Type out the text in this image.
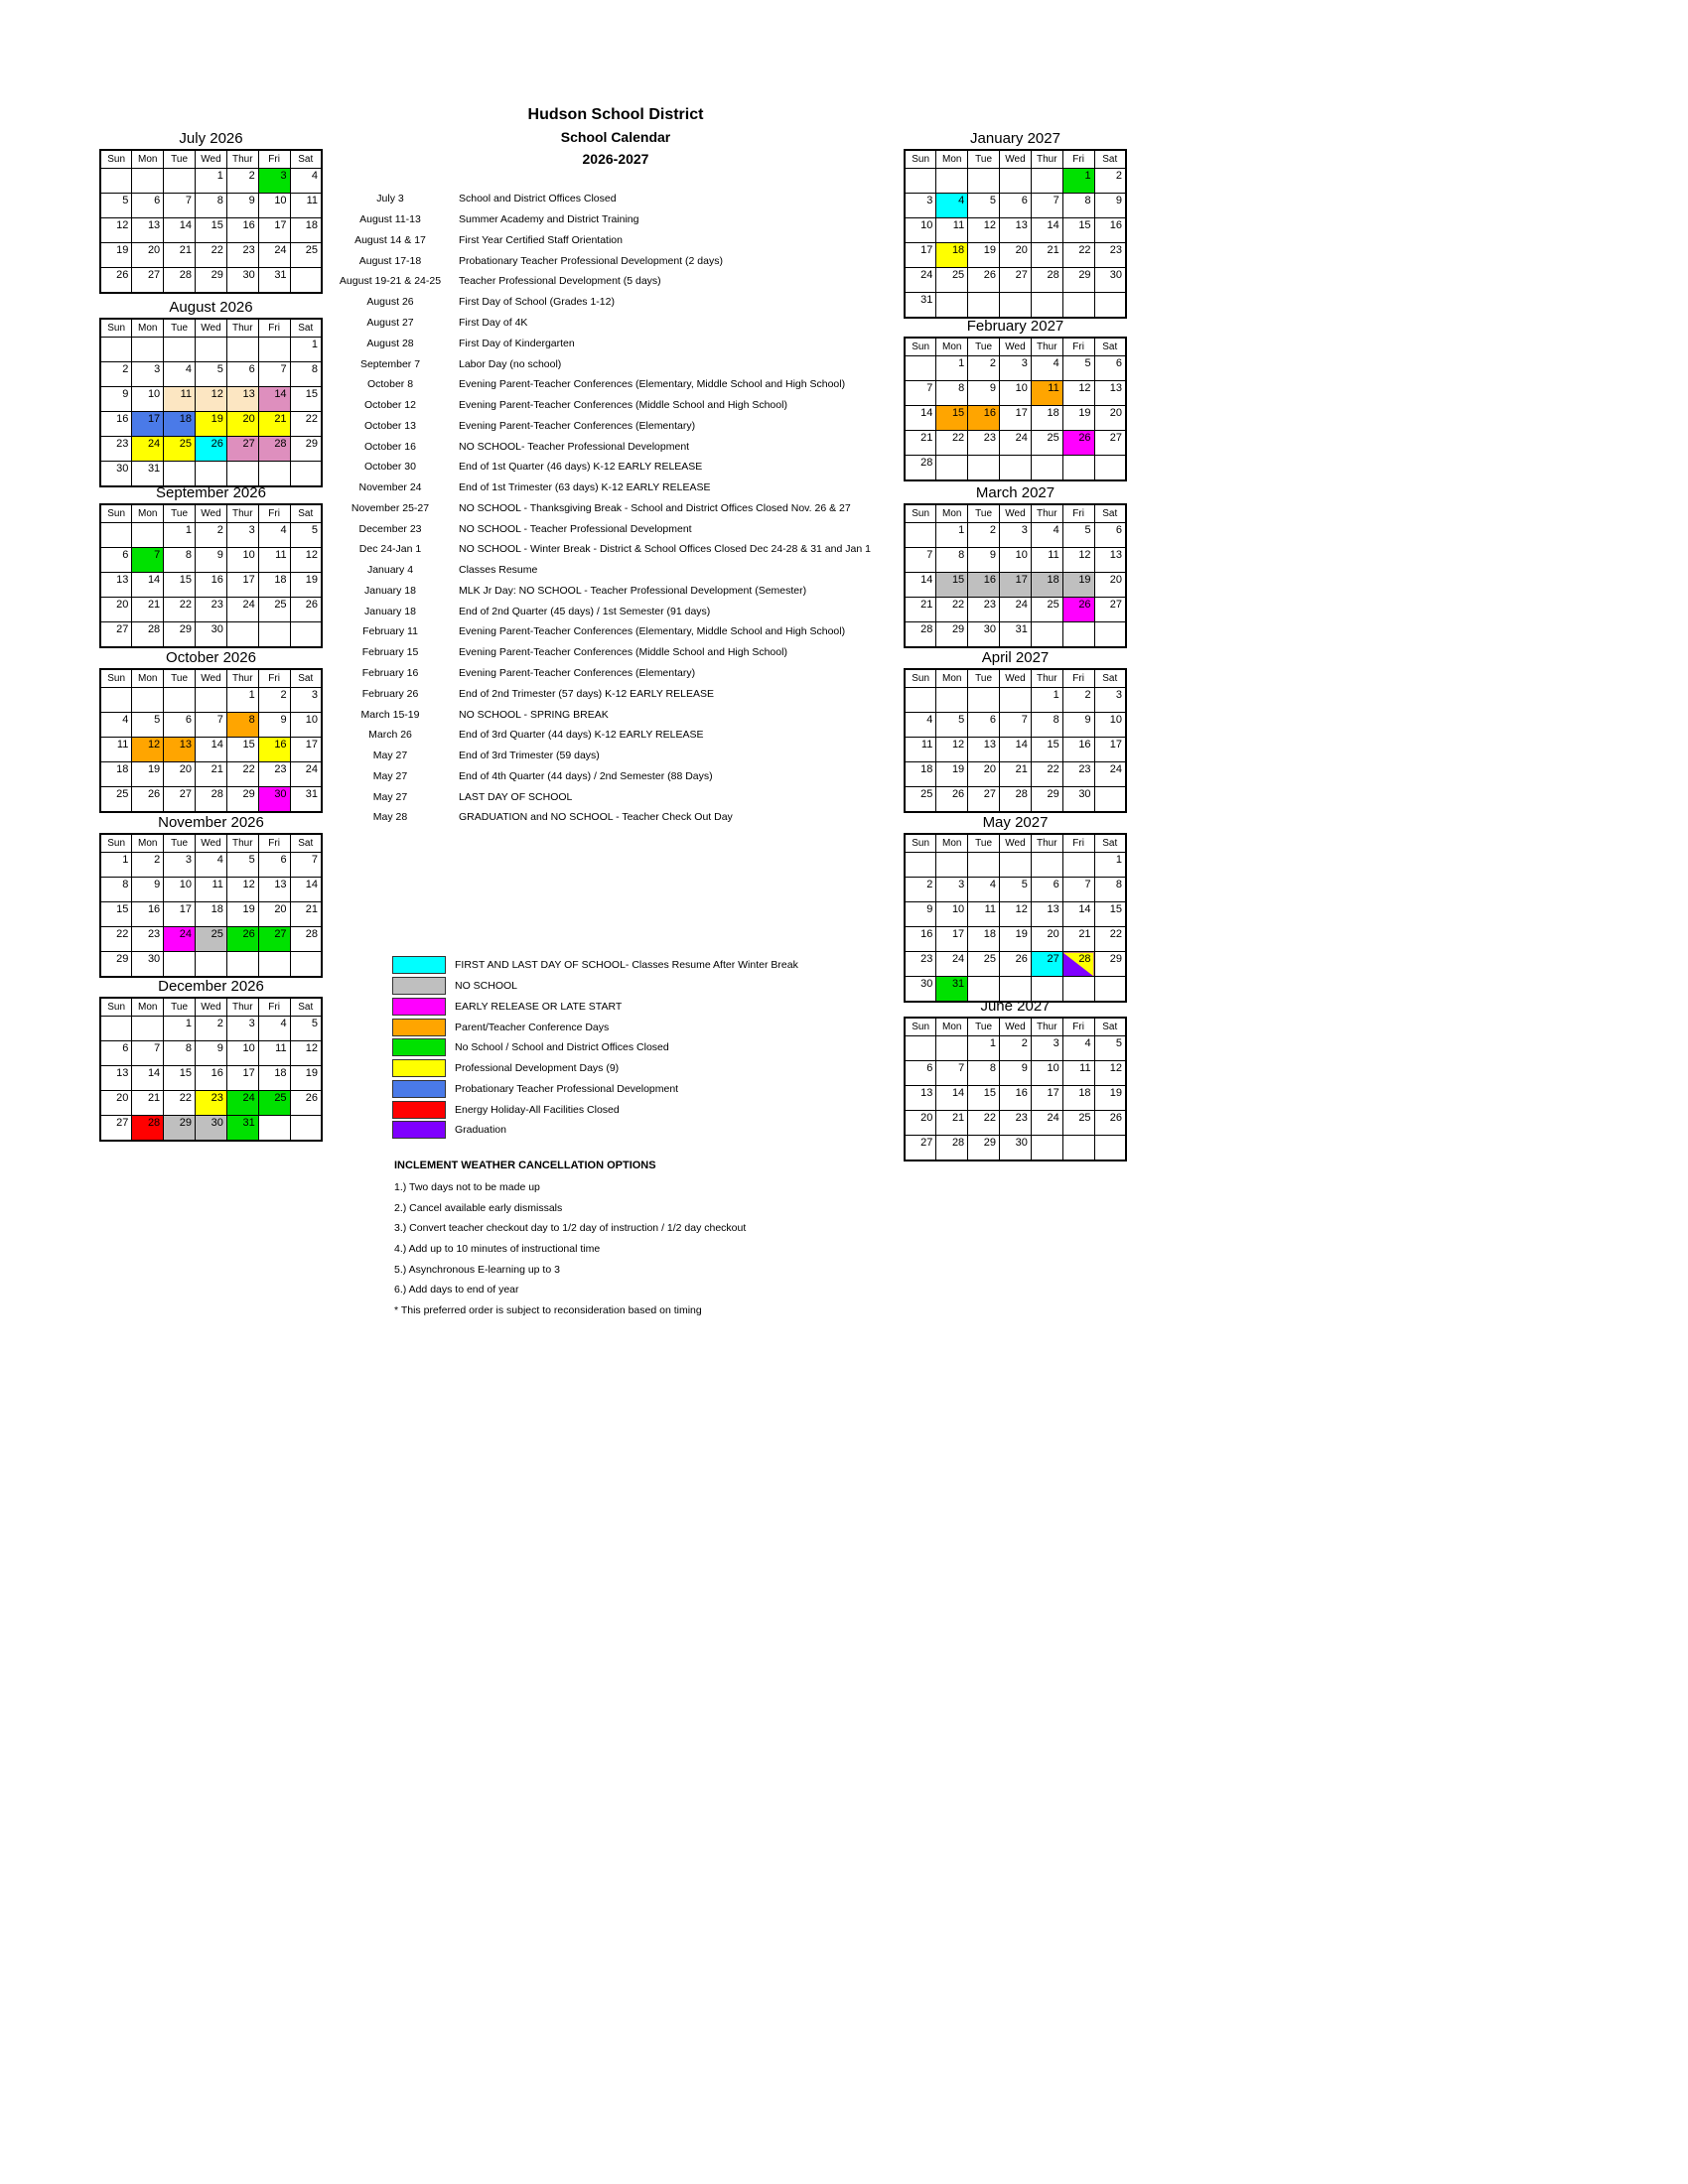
Hudson School District
School Calendar
2026-2027
July 2026
Sun	Mon	Tue	Wed	Thur	Fri	Sat
			1	2	3	4
5	6	7	8	9	10	11
12	13	14	15	16	17	18
19	20	21	22	23	24	25
26	27	28	29	30	31	
August 2026
Sun	Mon	Tue	Wed	Thur	Fri	Sat
						1
2	3	4	5	6	7	8
9	10	11	12	13	14	15
16	17	18	19	20	21	22
23	24	25	26	27	28	29
30	31					
September 2026
Sun	Mon	Tue	Wed	Thur	Fri	Sat
		1	2	3	4	5
6	7	8	9	10	11	12
13	14	15	16	17	18	19
20	21	22	23	24	25	26
27	28	29	30			
October 2026
Sun	Mon	Tue	Wed	Thur	Fri	Sat
				1	2	3
4	5	6	7	8	9	10
11	12	13	14	15	16	17
18	19	20	21	22	23	24
25	26	27	28	29	30	31
November 2026
Sun	Mon	Tue	Wed	Thur	Fri	Sat
1	2	3	4	5	6	7
8	9	10	11	12	13	14
15	16	17	18	19	20	21
22	23	24	25	26	27	28
29	30					
December 2026
Sun	Mon	Tue	Wed	Thur	Fri	Sat
		1	2	3	4	5
6	7	8	9	10	11	12
13	14	15	16	17	18	19
20	21	22	23	24	25	26
27	28	29	30	31		
January 2027
Sun	Mon	Tue	Wed	Thur	Fri	Sat
					1	2
3	4	5	6	7	8	9
10	11	12	13	14	15	16
17	18	19	20	21	22	23
24	25	26	27	28	29	30
31						
February 2027
Sun	Mon	Tue	Wed	Thur	Fri	Sat
	1	2	3	4	5	6
7	8	9	10	11	12	13
14	15	16	17	18	19	20
21	22	23	24	25	26	27
28						
March 2027
Sun	Mon	Tue	Wed	Thur	Fri	Sat
	1	2	3	4	5	6
7	8	9	10	11	12	13
14	15	16	17	18	19	20
21	22	23	24	25	26	27
28	29	30	31			
April 2027
Sun	Mon	Tue	Wed	Thur	Fri	Sat
				1	2	3
4	5	6	7	8	9	10
11	12	13	14	15	16	17
18	19	20	21	22	23	24
25	26	27	28	29	30	
May 2027
Sun	Mon	Tue	Wed	Thur	Fri	Sat
						1
2	3	4	5	6	7	8
9	10	11	12	13	14	15
16	17	18	19	20	21	22
23	24	25	26	27	28	29
30	31					
June 2027
Sun	Mon	Tue	Wed	Thur	Fri	Sat
		1	2	3	4	5
6	7	8	9	10	11	12
13	14	15	16	17	18	19
20	21	22	23	24	25	26
27	28	29	30			
July 3	School and District Offices Closed
August 11-13	Summer Academy and District Training
August 14 & 17	First Year Certified Staff Orientation
August 17-18	Probationary Teacher Professional Development (2 days)
August 19-21 & 24-25	Teacher Professional Development (5 days)
August 26	First Day of School (Grades 1-12)
August 27	First Day of 4K
August 28	First Day of Kindergarten
September 7	Labor Day (no school)
October 8	Evening Parent-Teacher Conferences (Elementary, Middle School and High School)
October 12	Evening Parent-Teacher Conferences (Middle School and High School)
October 13	Evening Parent-Teacher Conferences (Elementary)
October 16	NO SCHOOL- Teacher Professional Development
October 30	End of 1st Quarter (46 days) K-12 EARLY RELEASE
November 24	End of 1st Trimester (63 days) K-12 EARLY RELEASE
November 25-27	NO SCHOOL - Thanksgiving Break - School and District Offices Closed Nov. 26 & 27
December 23	NO SCHOOL - Teacher Professional Development
Dec 24-Jan 1	NO SCHOOL - Winter Break - District & School Offices Closed Dec 24-28 & 31 and Jan 1
January 4	Classes Resume
January 18	MLK Jr Day: NO SCHOOL - Teacher Professional Development (Semester)
January 18	End of 2nd Quarter (45 days) / 1st Semester (91 days)
February 11	Evening Parent-Teacher Conferences (Elementary, Middle School and High School)
February 15	Evening Parent-Teacher Conferences (Middle School and High School)
February 16	Evening Parent-Teacher Conferences (Elementary)
February 26	End of 2nd Trimester (57 days) K-12 EARLY RELEASE
March 15-19	NO SCHOOL - SPRING BREAK
March 26	End of 3rd Quarter (44 days) K-12 EARLY RELEASE
May 27	End of 3rd Trimester (59 days)
May 27	End of 4th Quarter (44 days) / 2nd Semester (88 Days)
May 27	LAST DAY OF SCHOOL
May 28	GRADUATION and NO SCHOOL - Teacher Check Out Day
FIRST AND LAST DAY OF SCHOOL- Classes Resume After Winter Break
NO SCHOOL
EARLY RELEASE OR LATE START
Parent/Teacher Conference Days
No School / School and District Offices Closed
Professional Development Days (9)
Probationary Teacher Professional Development
Energy Holiday-All Facilities Closed
Graduation
INCLEMENT WEATHER CANCELLATION OPTIONS
1.) Two days not to be made up
2.) Cancel available early dismissals
3.) Convert teacher checkout day to 1/2 day of instruction / 1/2 day checkout
4.) Add up to 10 minutes of instructional time
5.) Asynchronous E-learning up to 3
6.) Add days to end of year
* This preferred order is subject to reconsideration based on timing
